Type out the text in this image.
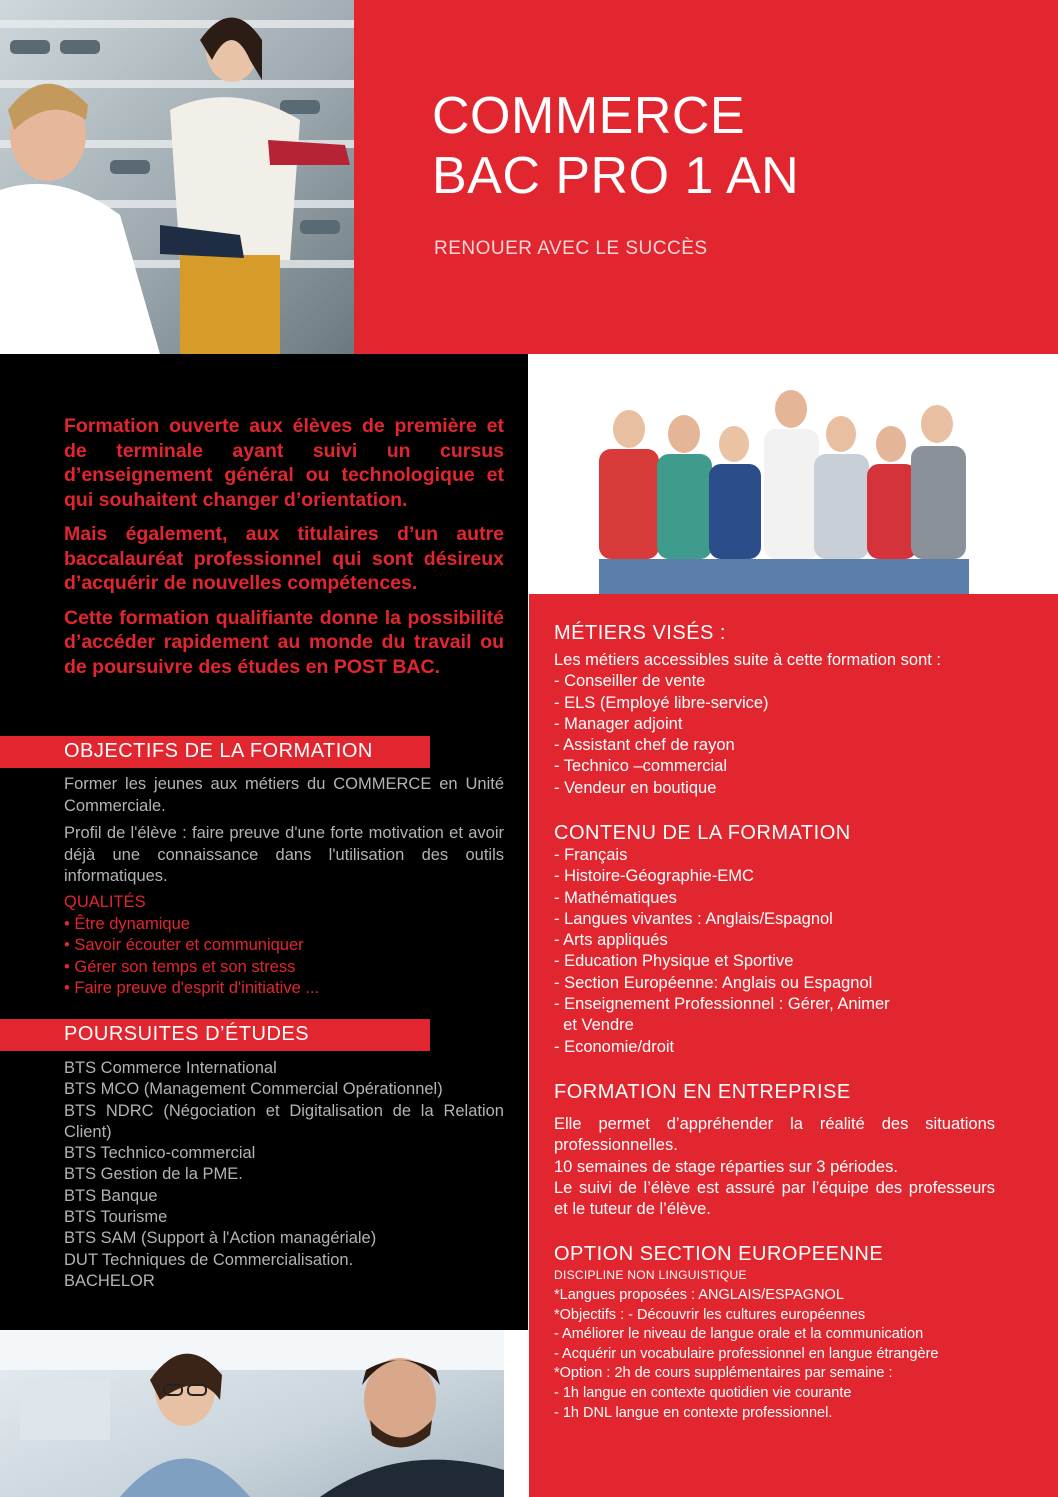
COMMERCE
BAC PRO 1 AN
RENOUER AVEC LE SUCCÈS

Formation ouverte aux élèves de première et de terminale ayant suivi un cursus d’enseignement général ou technologique et qui souhaitent changer d’orientation.

Mais également, aux titulaires d’un autre baccalauréat professionnel qui sont désireux d’acquérir de nouvelles compétences.

Cette formation qualifiante donne la possibilité d’accéder rapidement au monde du travail ou de poursuivre des études en POST BAC.

OBJECTIFS DE LA FORMATION

Former les jeunes aux métiers du COMMERCE en Unité Commerciale.

Profil de l'élève : faire preuve d'une forte motivation et avoir déjà une connaissance dans l'utilisation des outils informatiques.

QUALITÉS
• Être dynamique
• Savoir écouter et communiquer
• Gérer son temps et son stress
• Faire preuve d'esprit d'initiative ...
POURSUITES D’ÉTUDES
BTS Commerce International
BTS MCO (Management Commercial Opérationnel)
BTS NDRC (Négociation et Digitalisation de la Relation Client)
BTS Technico-commercial
BTS Gestion de la PME.
BTS Banque
BTS Tourisme
BTS SAM (Support à l'Action managériale)
DUT Techniques de Commercialisation.
BACHELOR
MÉTIERS VISÉS :
Les métiers accessibles suite à cette formation sont :
- Conseiller de vente
- ELS (Employé libre-service)
- Manager adjoint
- Assistant chef de rayon
- Technico –commercial
- Vendeur en boutique
CONTENU DE LA FORMATION
- Français
- Histoire-Géographie-EMC
- Mathématiques
- Langues vivantes : Anglais/Espagnol
- Arts appliqués
- Education Physique et Sportive
- Section Européenne: Anglais ou Espagnol
- Enseignement Professionnel : Gérer, Animer
et Vendre
- Economie/droit
FORMATION EN ENTREPRISE
Elle permet d’appréhender la réalité des situations professionnelles.
10 semaines de stage réparties sur 3 périodes.
Le suivi de l’élève est assuré par l’équipe des professeurs et le tuteur de l’élève.
OPTION SECTION EUROPEENNE
DISCIPLINE NON LINGUISTIQUE
*Langues proposées : ANGLAIS/ESPAGNOL
*Objectifs : - Découvrir les cultures européennes
- Améliorer le niveau de langue orale et la communication
- Acquérir un vocabulaire professionnel en langue étrangère
*Option : 2h de cours supplémentaires par semaine :
- 1h langue en contexte quotidien vie courante
- 1h DNL langue en contexte professionnel.
